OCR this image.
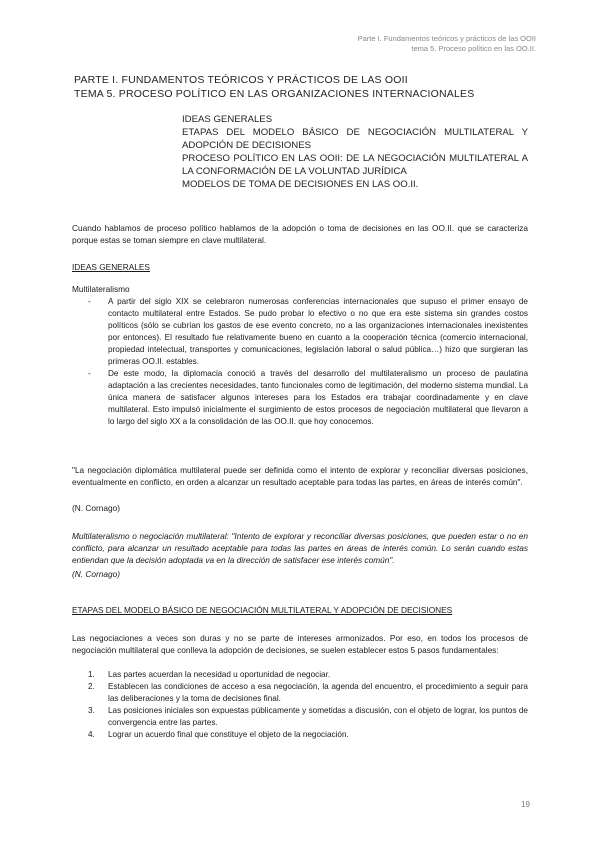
Parte I. Fundamentos teóricos y prácticos de las OOII
tema 5. Proceso político en las OO.II.
PARTE I. FUNDAMENTOS TEÓRICOS Y PRÁCTICOS DE LAS OOII
TEMA 5. PROCESO POLÍTICO EN LAS ORGANIZACIONES INTERNACIONALES
IDEAS GENERALES
ETAPAS DEL MODELO BÁSICO DE NEGOCIACIÓN MULTILATERAL Y ADOPCIÓN DE DECISIONES
PROCESO POLÍTICO EN LAS OOII: DE LA NEGOCIACIÓN MULTILATERAL A LA CONFORMACIÓN DE LA VOLUNTAD JURÍDICA
MODELOS DE TOMA DE DECISIONES EN LAS OO.II.
Cuando hablamos de proceso político hablamos de la adopción o toma de decisiones en las OO.II. que se caracteriza porque estas se toman siempre en clave multilateral.
IDEAS GENERALES
Multilateralismo
-	A partir del siglo XIX se celebraron numerosas conferencias internacionales que supuso el primer ensayo de contacto multilateral entre Estados. Se pudo probar lo efectivo o no que era este sistema sin grandes costos políticos (sólo se cubrían los gastos de ese evento concreto, no a las organizaciones internacionales inexistentes por entonces). El resultado fue relativamente bueno en cuanto a la cooperación técnica (comercio internacional, propiedad intelectual, transportes y comunicaciones, legislación laboral o salud pública…) hizo que surgieran las primeras OO.II. estables.
-	De este modo, la diplomacia conoció a través del desarrollo del multilateralismo un proceso de paulatina adaptación a las crecientes necesidades, tanto funcionales como de legitimación, del moderno sistema mundial. La única manera de satisfacer algunos intereses para los Estados era trabajar coordinadamente y en clave multilateral. Esto impulsó inicialmente el surgimiento de estos procesos de negociación multilateral que llevaron a lo largo del siglo XX a la consolidación de las OO.II. que hoy conocemos.
"La negociación diplomática multilateral puede ser definida como el intento de explorar y reconciliar diversas posiciones, eventualmente en conflicto, en orden a alcanzar un resultado aceptable para todas las partes, en áreas de interés común".
(N. Cornago)
Multilateralismo o negociación multilateral: "Intento de explorar y reconciliar diversas posiciones, que pueden estar o no en conflicto, para alcanzar un resultado aceptable para todas las partes en áreas de interés común. Lo serán cuando estas entiendan que la decisión adoptada va en la dirección de satisfacer ese interés común".
(N. Cornago)
ETAPAS DEL MODELO BÁSICO DE NEGOCIACIÓN MULTILATERAL Y ADOPCIÓN DE DECISIONES
Las negociaciones a veces son duras y no se parte de intereses armonizados. Por eso, en todos los procesos de negociación multilateral que conlleva la adopción de decisiones, se suelen establecer estos 5 pasos fundamentales:
1.	Las partes acuerdan la necesidad u oportunidad de negociar.
2.	Establecen las condiciones de acceso a esa negociación, la agenda del encuentro, el procedimiento a seguir para las deliberaciones y la toma de decisiones final.
3.	Las posiciones iniciales son expuestas públicamente y sometidas a discusión, con el objeto de lograr, los puntos de convergencia entre las partes.
4.	Lograr un acuerdo final que constituye el objeto de la negociación.
19
